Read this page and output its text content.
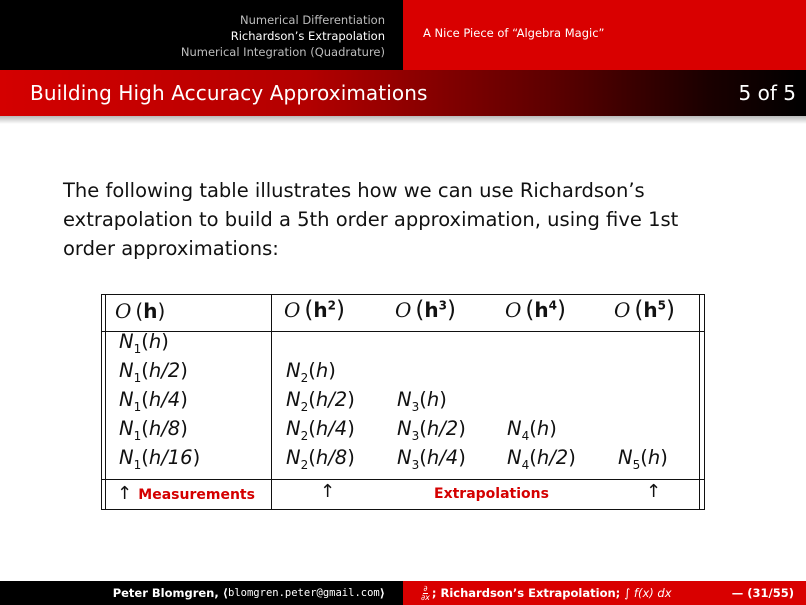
Numerical Differentiation
Richardson’s Extrapolation
Numerical Integration (Quadrature)
A Nice Piece of “Algebra Magic”
Building High Accuracy Approximations	5 of 5

The following table illustrates how we can use Richardson’s extrapolation to build a 5th order approximation, using five 1st order approximations:

O (h)	O  $(h^2)$	O  $(h^3)$ O  $(h^4)$ O  $(h^5)$
$N_1(h)$
$N_1(h/2)$	$N_2(h)$
$N_1(h/4)$	$N_2(h/2)$ $N_3(h)$
$N_1(h/8)$	$N_2(h/4)$ $N_3(h/2)$ $N_4(h)$
$N_1(h/16)$	$N_2(h/8)$ $N_3(h/4)$ $N_4(h/2)$ $N_5(h)$
↑ Measurements	↑	Extrapolations	↑
Peter Blomgren, ⟨ blomgren.peter@gmail.com ⟩	$\frac{\partial}{\partial x}$ ; Richardson’s Extrapolation;
∫ f(x) dx	— (31/55)
